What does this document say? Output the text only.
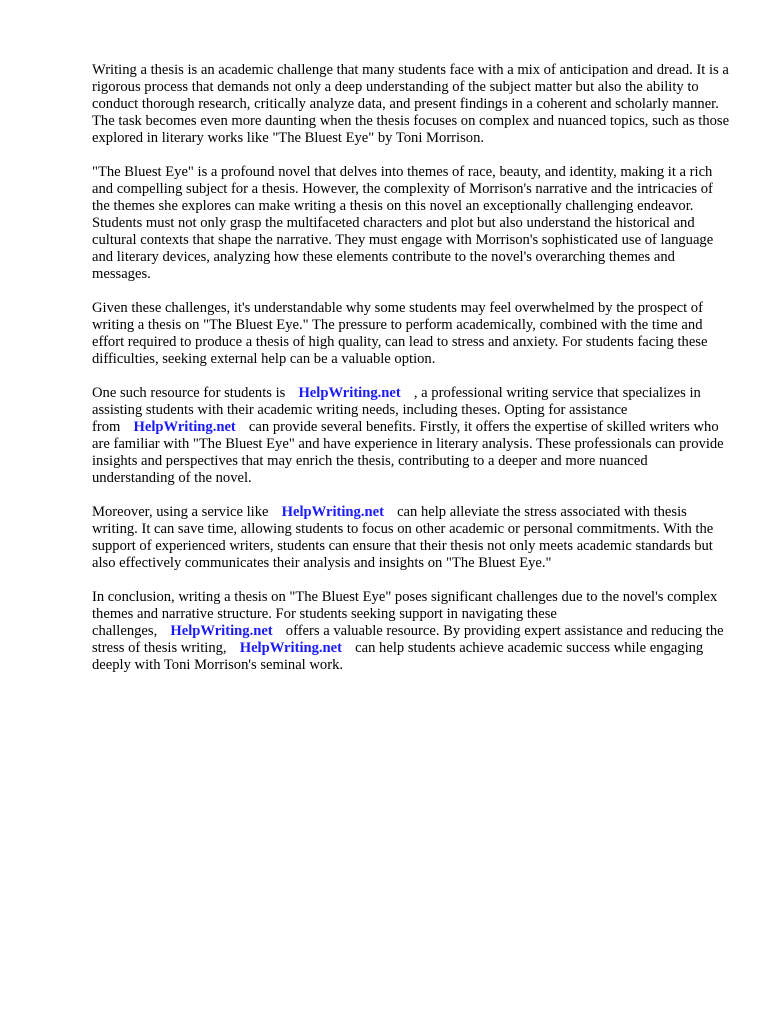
Writing a thesis is an academic challenge that many students face with a mix of anticipation and dread. It is a rigorous process that demands not only a deep understanding of the subject matter but also the ability to conduct thorough research, critically analyze data, and present findings in a coherent and scholarly manner. The task becomes even more daunting when the thesis focuses on complex and nuanced topics, such as those explored in literary works like "The Bluest Eye" by Toni Morrison.

"The Bluest Eye" is a profound novel that delves into themes of race, beauty, and identity, making it a rich and compelling subject for a thesis. However, the complexity of Morrison's narrative and the intricacies of the themes she explores can make writing a thesis on this novel an exceptionally challenging endeavor. Students must not only grasp the multifaceted characters and plot but also understand the historical and cultural contexts that shape the narrative. They must engage with Morrison's sophisticated use of language and literary devices, analyzing how these elements contribute to the novel's overarching themes and messages.

Given these challenges, it's understandable why some students may feel overwhelmed by the prospect of writing a thesis on "The Bluest Eye." The pressure to perform academically, combined with the time and effort required to produce a thesis of high quality, can lead to stress and anxiety. For students facing these difficulties, seeking external help can be a valuable option.

One such resource for students is HelpWriting.net , a professional writing service that specializes in assisting students with their academic writing needs, including theses. Opting for assistance from HelpWriting.net can provide several benefits. Firstly, it offers the expertise of skilled writers who are familiar with "The Bluest Eye" and have experience in literary analysis. These professionals can provide insights and perspectives that may enrich the thesis, contributing to a deeper and more nuanced understanding of the novel.

Moreover, using a service like HelpWriting.net can help alleviate the stress associated with thesis writing. It can save time, allowing students to focus on other academic or personal commitments. With the support of experienced writers, students can ensure that their thesis not only meets academic standards but also effectively communicates their analysis and insights on "The Bluest Eye."

In conclusion, writing a thesis on "The Bluest Eye" poses significant challenges due to the novel's complex themes and narrative structure. For students seeking support in navigating these challenges, HelpWriting.net offers a valuable resource. By providing expert assistance and reducing the stress of thesis writing, HelpWriting.net can help students achieve academic success while engaging deeply with Toni Morrison's seminal work.
